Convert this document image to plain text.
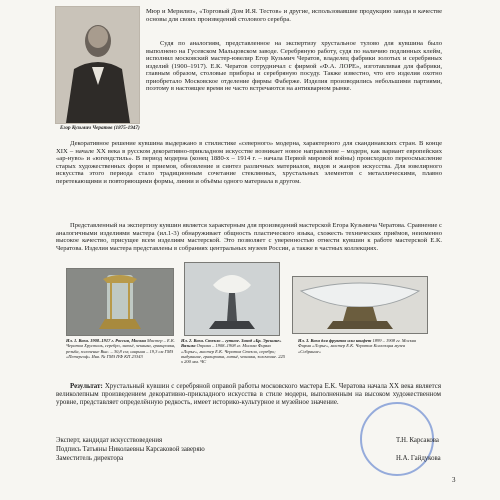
Егор Кузьмич Чератов (1875-1947)

Мюр и Мерилиз», «Торговый Дом И.Я. Тестов» и другие, использовавшие продукцию завода в качестве основы для своих произведений столового серебра.

Судя по аналогиям, представленное на экспертизу хрустальное тулово для кувшина было выполнено на Гусевском Мальцовском заводе. Серебряную работу, судя по наличию подлинных клейм, исполнил московский мастер-ювелир Егор Кузьмич Чератов, владелец фабрики золотых и серебряных изделий (1900–1917). Е.К. Чератов сотрудничал с фирмой «Ф.А. ЛОРЕ», изготавливая для фабрики, главным образом, столовые приборы и серебряную посуду. Также известно, что его изделия охотно приобретало Московское отделение фирмы Фаберже. Изделия производились небольшими партиями, поэтому в настоящее время не часто встречаются на антикварном рынке.

Декоративное решение кувшина выдержано в стилистике «северного» модерна, характерного для скандинавских стран. В конце XIX – начале XX века в русском декоративно-прикладном искусстве возникает новое направление – модерн, как вариант европейских «ар-нуво» и «югендстиль». В период модерна (конец 1880-х – 1914 г. – начала Первой мировой войны) происходило переосмысление старых художественных форм и приемов, обновление и синтез различных материалов, видов и жанров искусства. Для ювелирного искусства этого периода стало традиционным сочетание стеклянных, хрустальных элементов с металлическими, плавно перетекающими и повторяющими формы, линии и объёмы одного материала в другом.

Представленный на экспертизу кувшин является характерным для произведений мастерской Егора Кузьмича Чератова. Сравнение с аналогичными изделиями мастера (ил.1-3) обнаруживает общность пластического языка, схожесть технических приёмов, неизменно высокое качество, присущее всем изделиям мастерской. Это позволяет с уверенностью отнести кувшин к работе мастерской Е.К. Чератова. Изделия мастера представлены в собраниях центральных музеев России, а также в частных коллекциях.

Ил. 1. Ваза. 1908–1917 г. Россия, Москва Мастер – Е.К. Чератов Хрусталь, серебро, литьё, чеканка, гравировка, резьба, золочение Выс. – 30,8 см; ширина – 19,3 см ГМЗ «Петергоф» Инв. № ГМЗ ПФ КП 23343
Ил. 2. Ваза. Стекло – гутное. Завод «Бр. Эрскине» Вязьма Оправа – 1908–1908 гг. Москва Фирма «Лорье», мастер Е.К. Чератов Стекло, серебро; выдувание, гравировка, литьё, чеканка, золочение. 225 x 200 мм. ЧС
Ил. 3. Ваза для фруктов или конфет 1899 – 1908 гг. Москва Фирма «Лорье», мастер Е.К. Чератов Коллекция музея «Собрание»

Результат: Хрустальный кувшин с серебряной оправой работы московского мастера Е.К. Чератова начала XX века является великолепным произведением декоративно-прикладного искусства в стиле модерн, выполненным на высоком художественном уровне, представляет определённую редкость, имеет историко-культурное и музейное значение.

Эксперт, кандидат искусствоведения	Т.Н. Карсакова
Подпись Татьяны Николаевны Карсаковой заверяю
Заместитель директора	Н.А. Гайдукова
3
